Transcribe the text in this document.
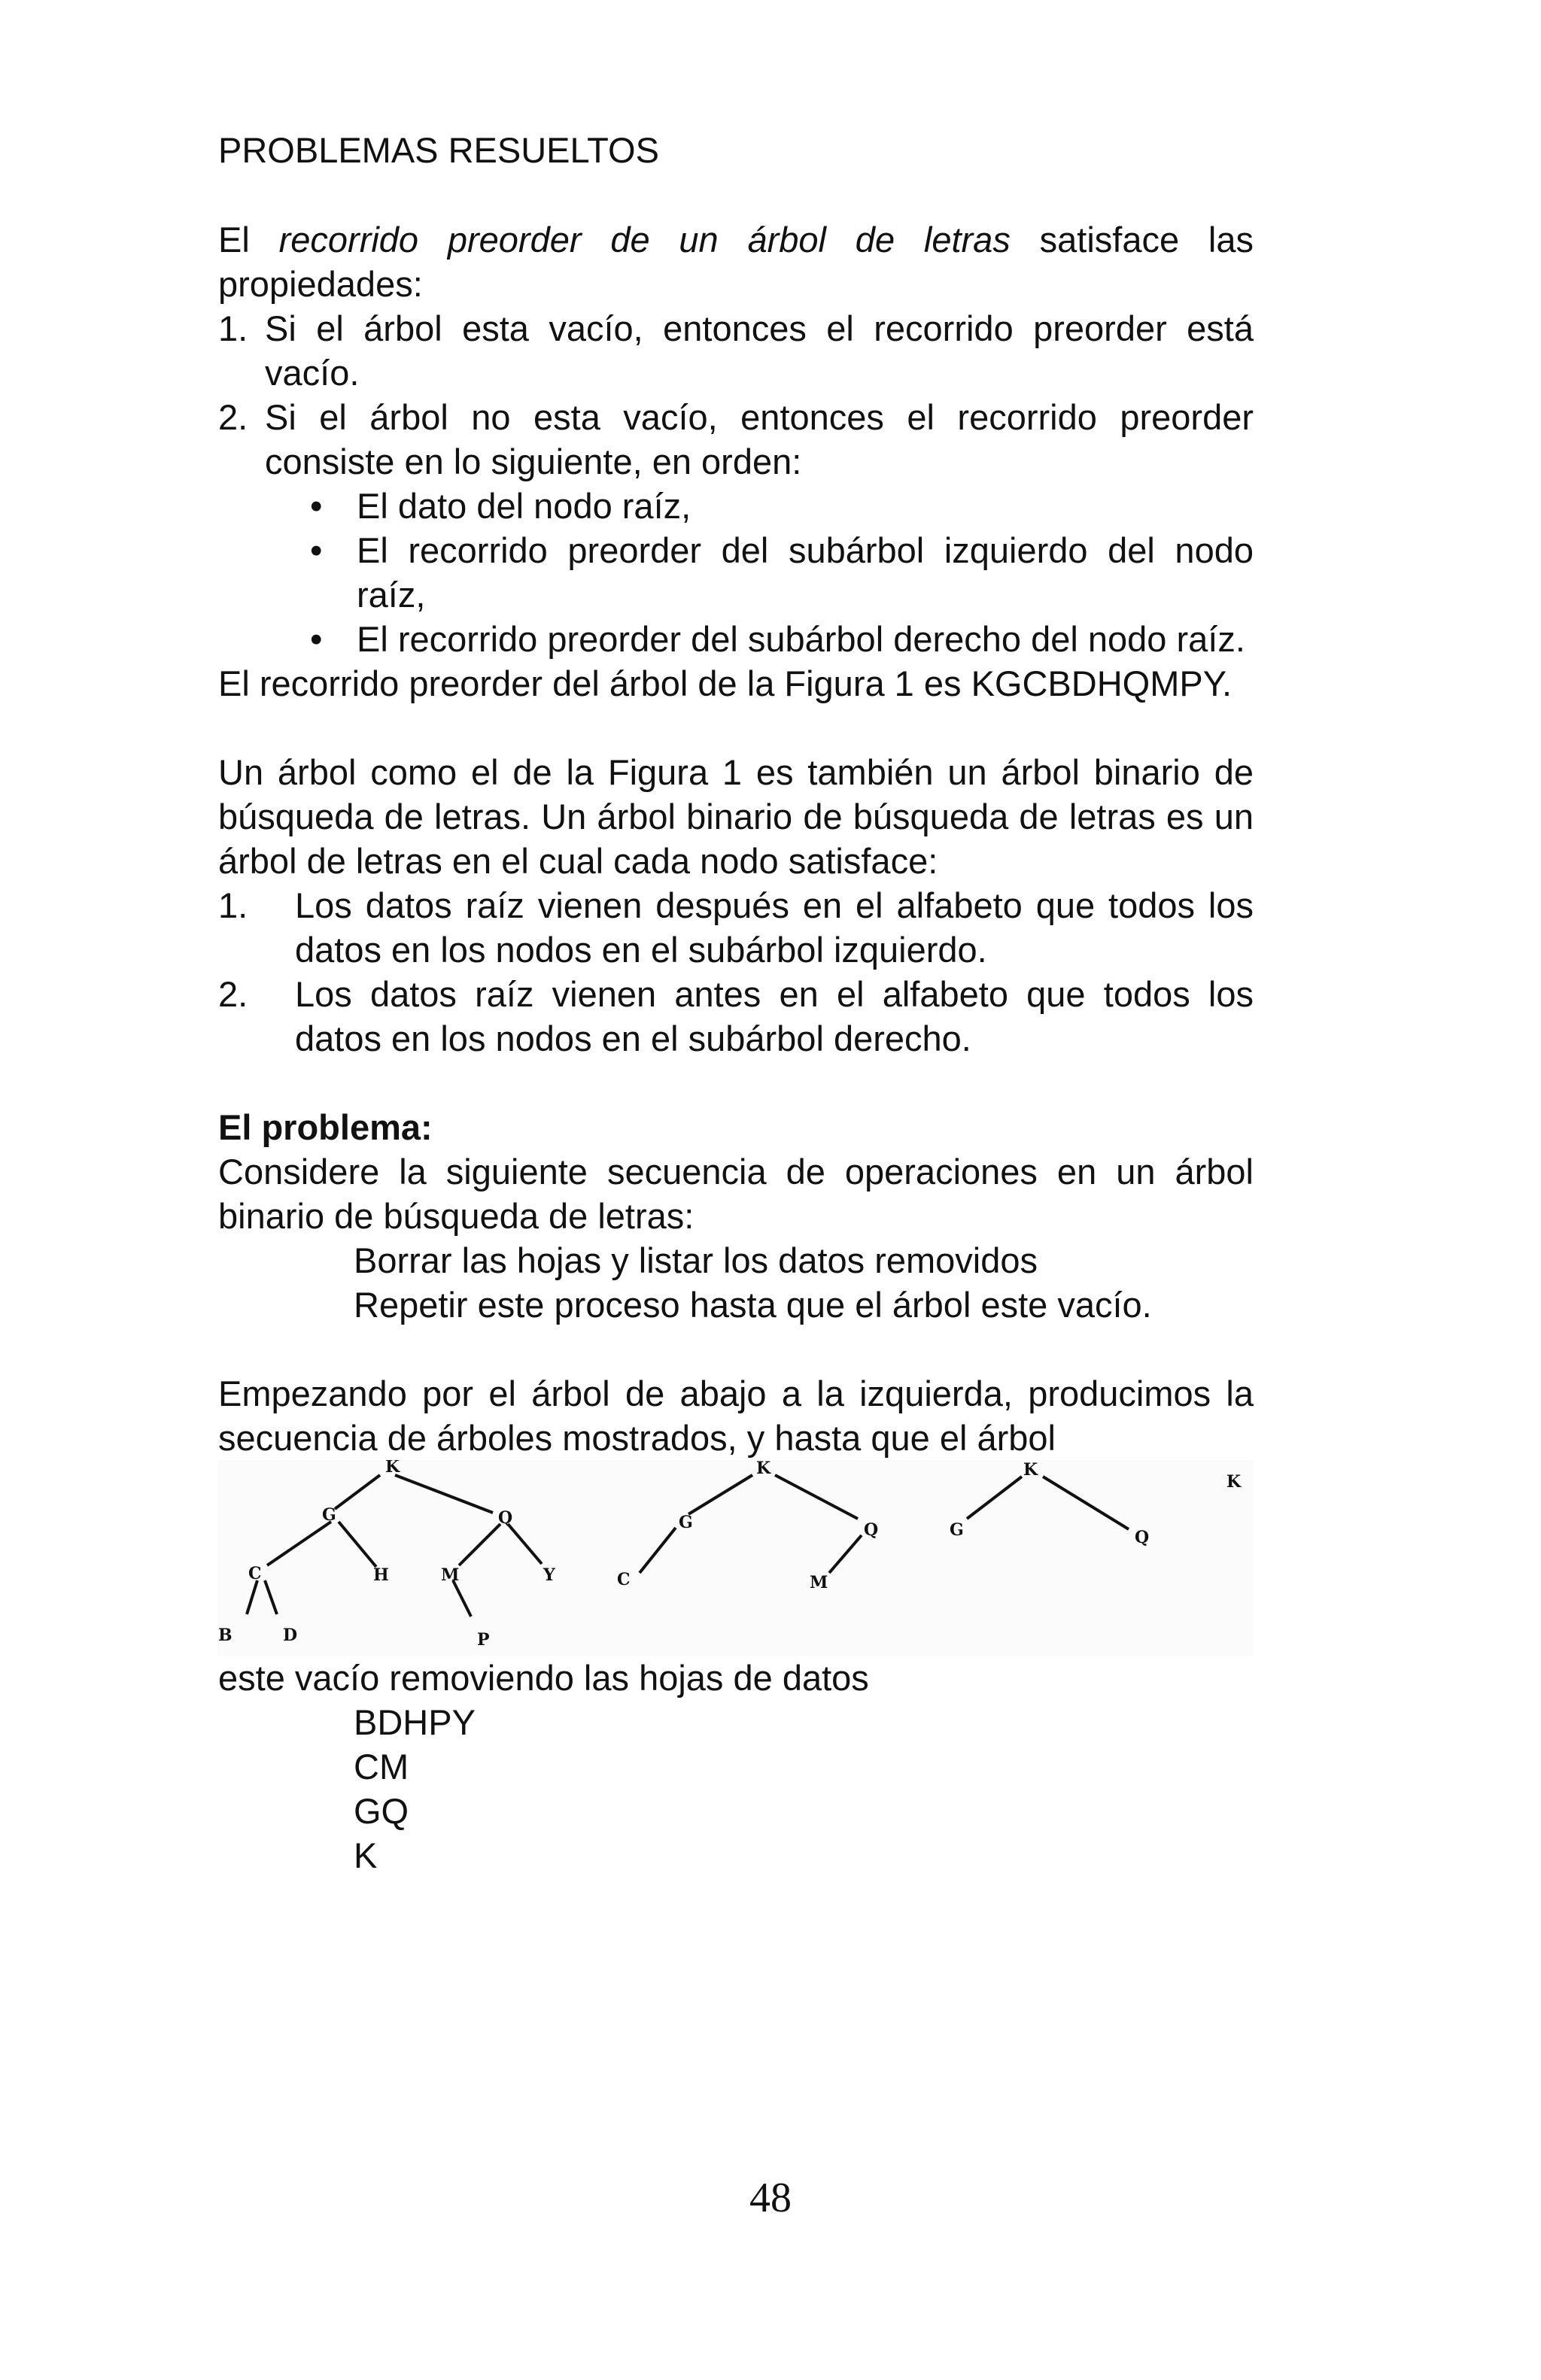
PROBLEMAS RESUELTOS

El recorrido preorder de un árbol de letras satisface las propiedades:

1. Si el árbol esta vacío, entonces el recorrido preorder está vacío.
2. Si el árbol no esta vacío, entonces el recorrido preorder consiste en lo siguiente, en orden:
• El dato del nodo raíz,
• El recorrido preorder del subárbol izquierdo del nodo raíz,
• El recorrido preorder del subárbol derecho del nodo raíz.

El recorrido preorder del árbol de la Figura 1 es KGCBDHQMPY.

Un árbol como el de la Figura 1 es también un árbol binario de búsqueda de letras. Un árbol binario de búsqueda de letras es un árbol de letras en el cual cada nodo satisface:

1.	Los datos raíz vienen después en el alfabeto que todos los datos en los nodos en el subárbol izquierdo.
2.	Los datos raíz vienen antes en el alfabeto que todos los datos en los nodos en el subárbol derecho.

El problema:

Considere la siguiente secuencia de operaciones en un árbol binario de búsqueda de letras:

Borrar las hojas y listar los datos removidos

Repetir este proceso hasta que el árbol este vacío.

Empezando por el árbol de abajo a la izquierda, producimos la secuencia de árboles mostrados, y hasta que el árbol

K
G	Q
C	H	M	Y
B	D	P
K
G	Q
C	M
K
G	Q
K

este vacío removiendo las hojas de datos

BDHPY

CM

GQ

K

48
